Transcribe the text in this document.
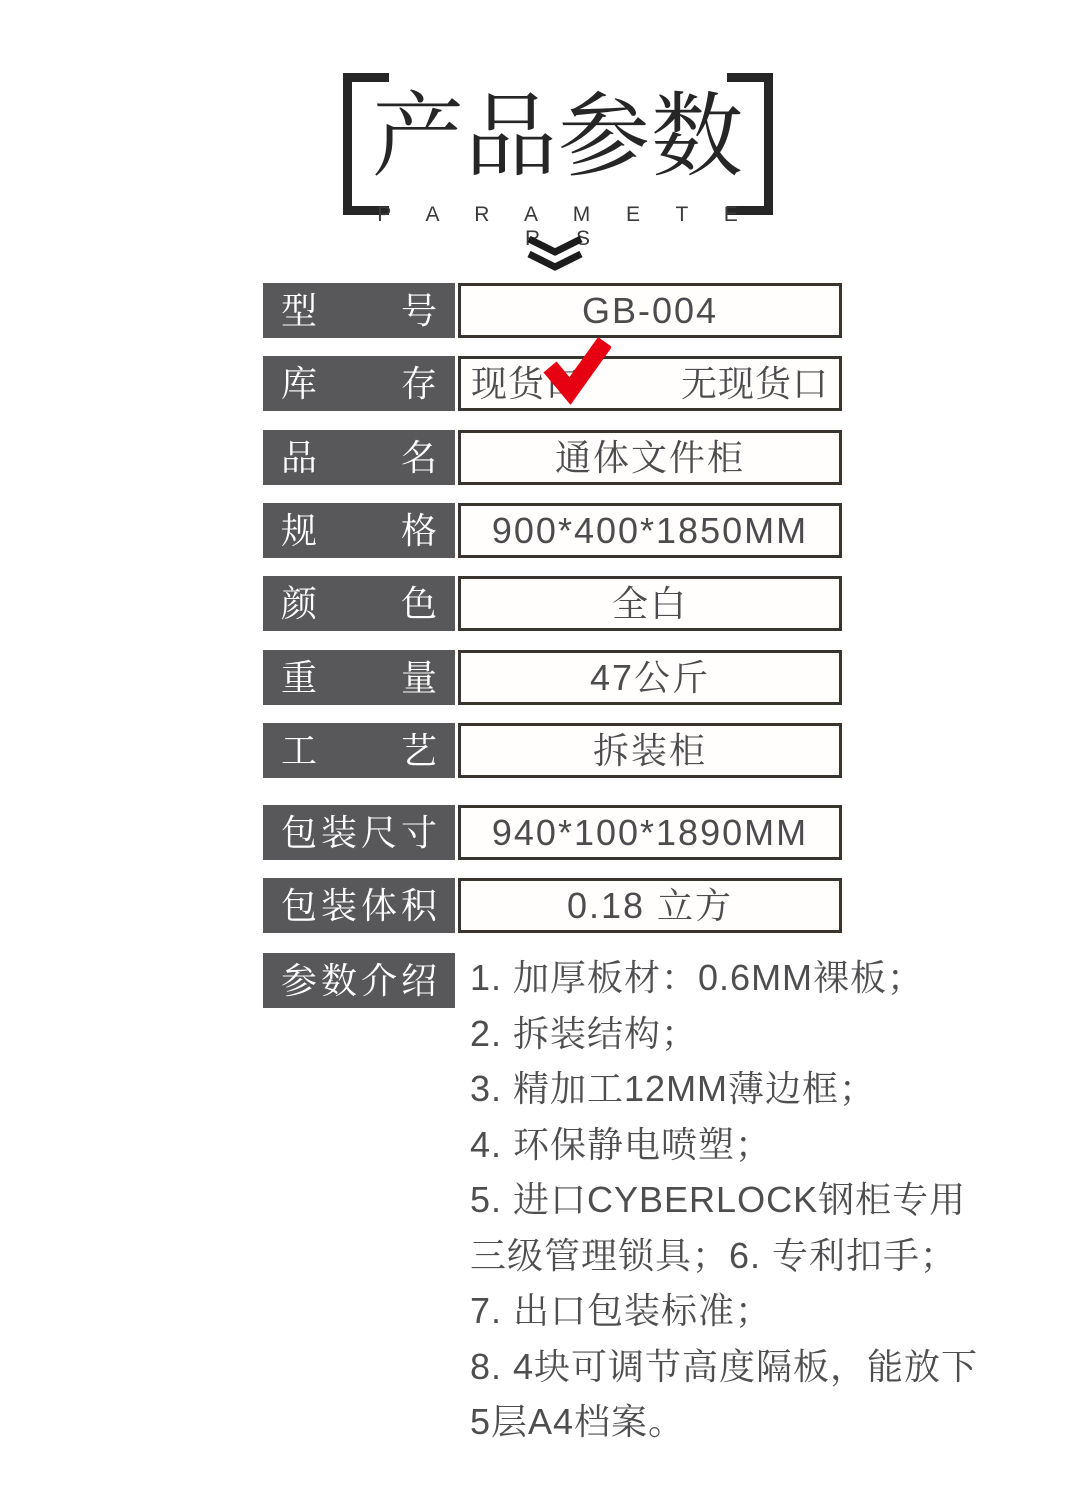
产品参数
P A R A M E T E R S
型号	GB-004
库存 现货口	无现货口
品名	通体文件柜
规格	900*400*1850MM
颜色	全白
重量	47公斤
工艺	拆装柜
包装尺寸	940*100*1890MM
包装体积	0.18 立方
参数介绍 1. 加厚板材：0.6MM裸板；
2. 拆装结构；
3. 精加工12MM薄边框；
4. 环保静电喷塑；
5. 进口CYBERLOCK钢柜专用
三级管理锁具；6. 专利扣手；
7. 出口包装标准；
8. 4块可调节高度隔板，能放下
5层A4档案。
